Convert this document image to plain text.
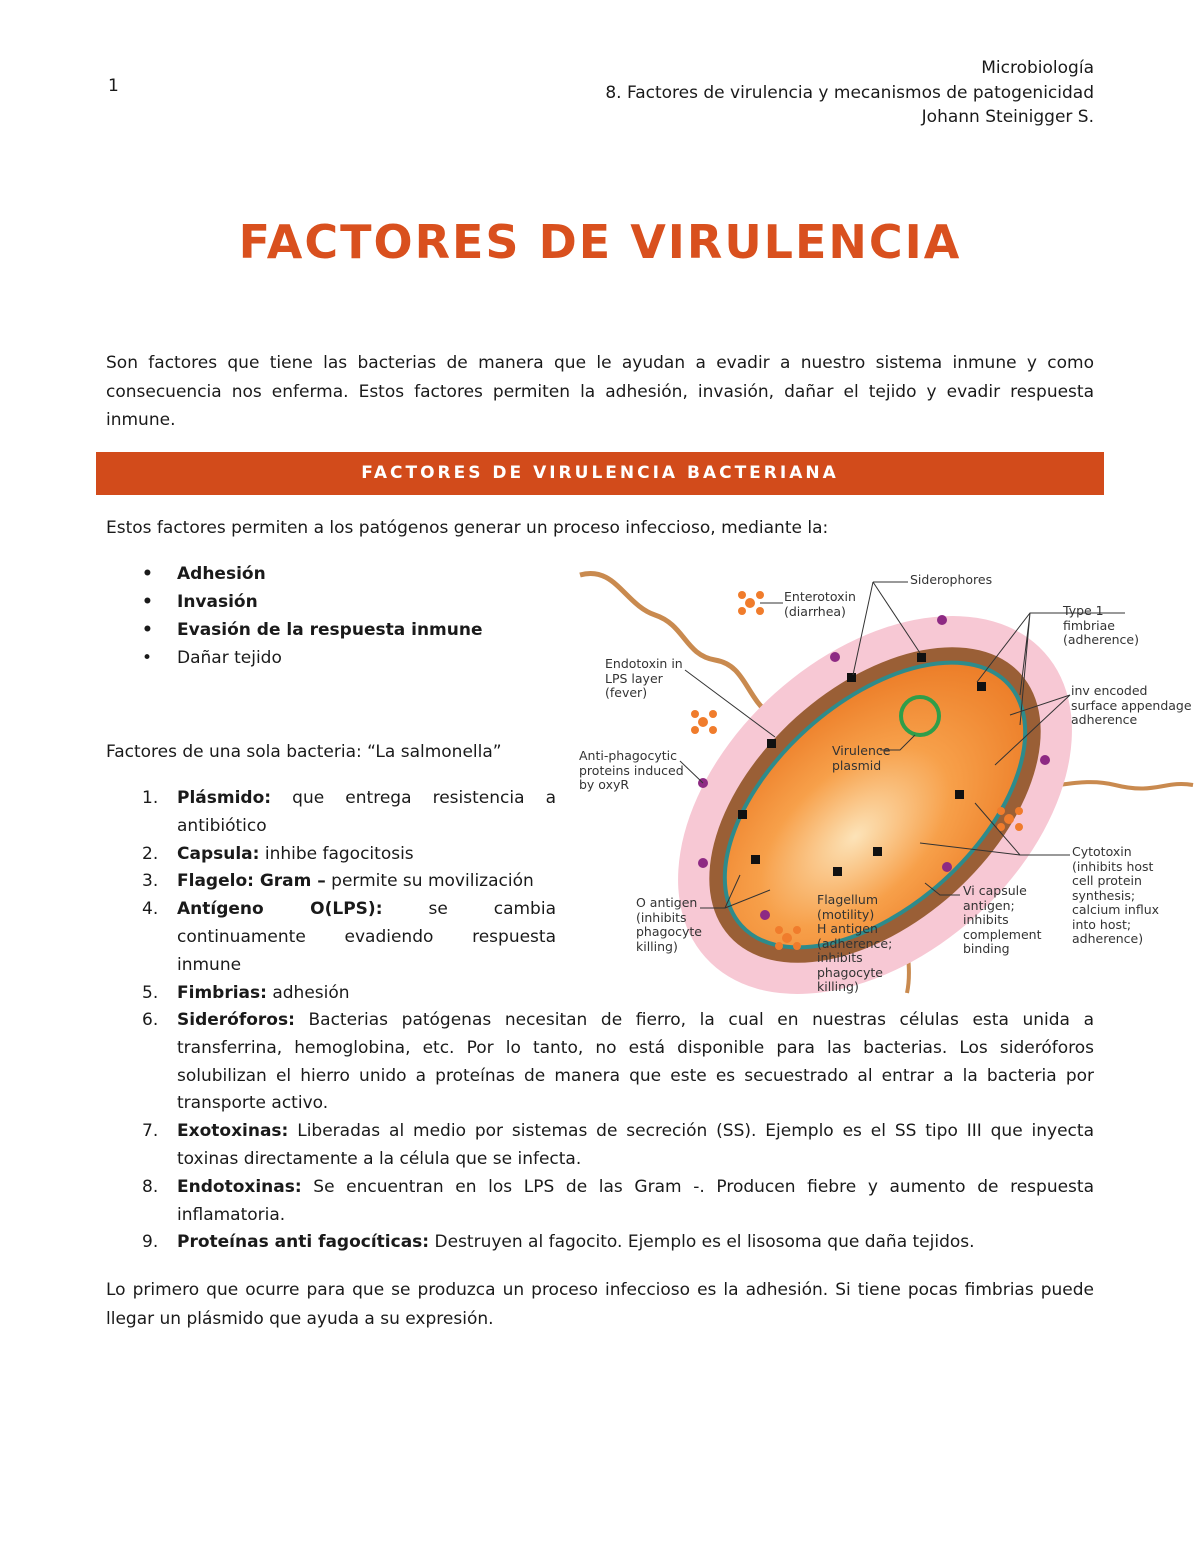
1
Microbiología
8. Factores de virulencia y mecanismos de patogenicidad
Johann Steinigger S.
FACTORES DE VIRULENCIA
Son factores que tiene las bacterias de manera que le ayudan a evadir a nuestro sistema inmune y como consecuencia nos enferma. Estos factores permiten la adhesión, invasión, dañar el tejido y evadir respuesta inmune.
FACTORES DE VIRULENCIA BACTERIANA
Estos factores permiten a los patógenos generar un proceso infeccioso, mediante la:
• Adhesión
• Invasión
• Evasión de la respuesta inmune
• Dañar tejido
Factores de una sola bacteria: “La salmonella”
1. Plásmido: que entrega resistencia a antibiótico
2. Capsula: inhibe fagocitosis
3. Flagelo: Gram – permite su movilización
4. Antígeno O(LPS): se cambia continuamente evadiendo respuesta inmune
5. Fimbrias: adhesión
6. Sideróforos: Bacterias patógenas necesitan de fierro, la cual en nuestras células esta unida a transferrina, hemoglobina, etc. Por lo tanto, no está disponible para las bacterias. Los sideróforos solubilizan el hierro unido a proteínas de manera que este es secuestrado al entrar a la bacteria por transporte activo.
7. Exotoxinas: Liberadas al medio por sistemas de secreción (SS). Ejemplo es el SS tipo III que inyecta toxinas directamente a la célula que se infecta.
8. Endotoxinas: Se encuentran en los LPS de las Gram -. Producen fiebre y aumento de respuesta inflamatoria.
9. Proteínas anti fagocíticas: Destruyen al fagocito. Ejemplo es el lisosoma que daña tejidos.
Lo primero que ocurre para que se produzca un proceso infeccioso es la adhesión. Si tiene pocas fimbrias puede llegar un plásmido que ayuda a su expresión.
Enterotoxin
(diarrhea)
Siderophores
Type 1
fimbriae
(adherence)
Endotoxin in
LPS layer
(fever)	inv encoded
surface appendage
adherence
Virulence
plasmid
Anti-phagocytic
proteins induced
by oxyR
Cytotoxin
(inhibits host
cell protein
synthesis;
calcium influx
into host;
adherence)
O antigen
(inhibits
phagocyte
killing)
Flagellum
(motility)
H antigen
(adherence;
inhibits
phagocyte
killing)
Vi capsule
antigen;
inhibits
complement
binding
